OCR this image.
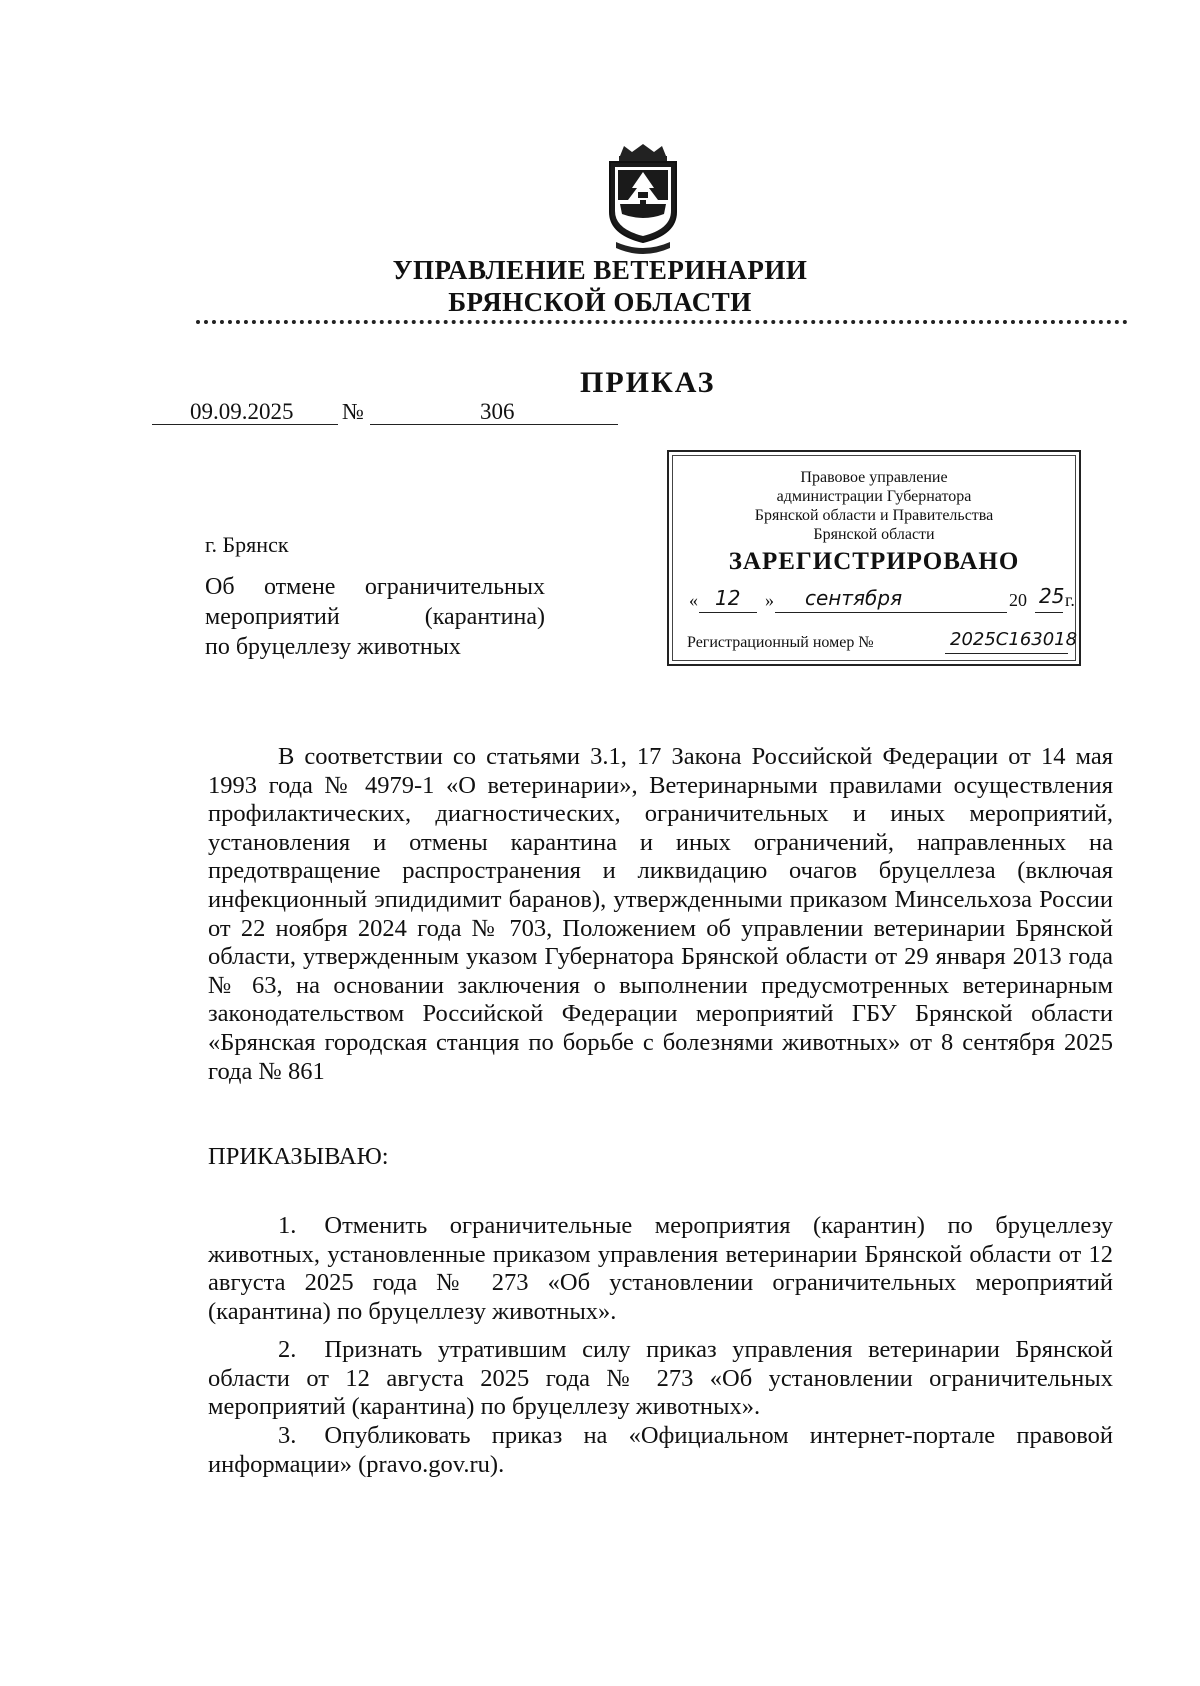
УПРАВЛЕНИЕ ВЕТЕРИНАРИИ
БРЯНСКОЙ ОБЛАСТИ
ПРИКАЗ
09.09.2025 №	306
Правовое управление
администрации Губернатора
Брянской области и Правительства
Брянской области
ЗАРЕГИСТРИРОВАНО
« 12 » сентября	20 25 г.
Регистрационный номер №	2025С163018
г. Брянск
Об отмене ограничительных
мероприятий (карантина)
по бруцеллезу животных
В соответствии со статьями 3.1, 17 Закона Российской Федерации от 14 мая 1993 года № 4979-1 «О ветеринарии», Ветеринарными правилами осуществления профилактических, диагностических, ограничительных и иных мероприятий, установления и отмены карантина и иных ограничений, направленных на предотвращение распространения и ликвидацию очагов бруцеллеза (включая инфекционный эпидидимит баранов), утвержденными приказом Минсельхоза России от 22 ноября 2024 года № 703, Положением об управлении ветеринарии Брянской области, утвержденным указом Губернатора Брянской области от 29 января 2013 года № 63, на основании заключения о выполнении предусмотренных ветеринарным законодательством Российской Федерации мероприятий ГБУ Брянской области «Брянская городская станция по борьбе с болезнями животных» от 8 сентября 2025 года № 861
ПРИКАЗЫВАЮ:
1. Отменить ограничительные мероприятия (карантин) по бруцеллезу животных, установленные приказом управления ветеринарии Брянской области от 12 августа 2025 года № 273 «Об установлении ограничительных мероприятий (карантина) по бруцеллезу животных».
2. Признать утратившим силу приказ управления ветеринарии Брянской области от 12 августа 2025 года № 273 «Об установлении ограничительных мероприятий (карантина) по бруцеллезу животных».
3. Опубликовать приказ на «Официальном интернет-портале правовой информации» (pravo.gov.ru).
